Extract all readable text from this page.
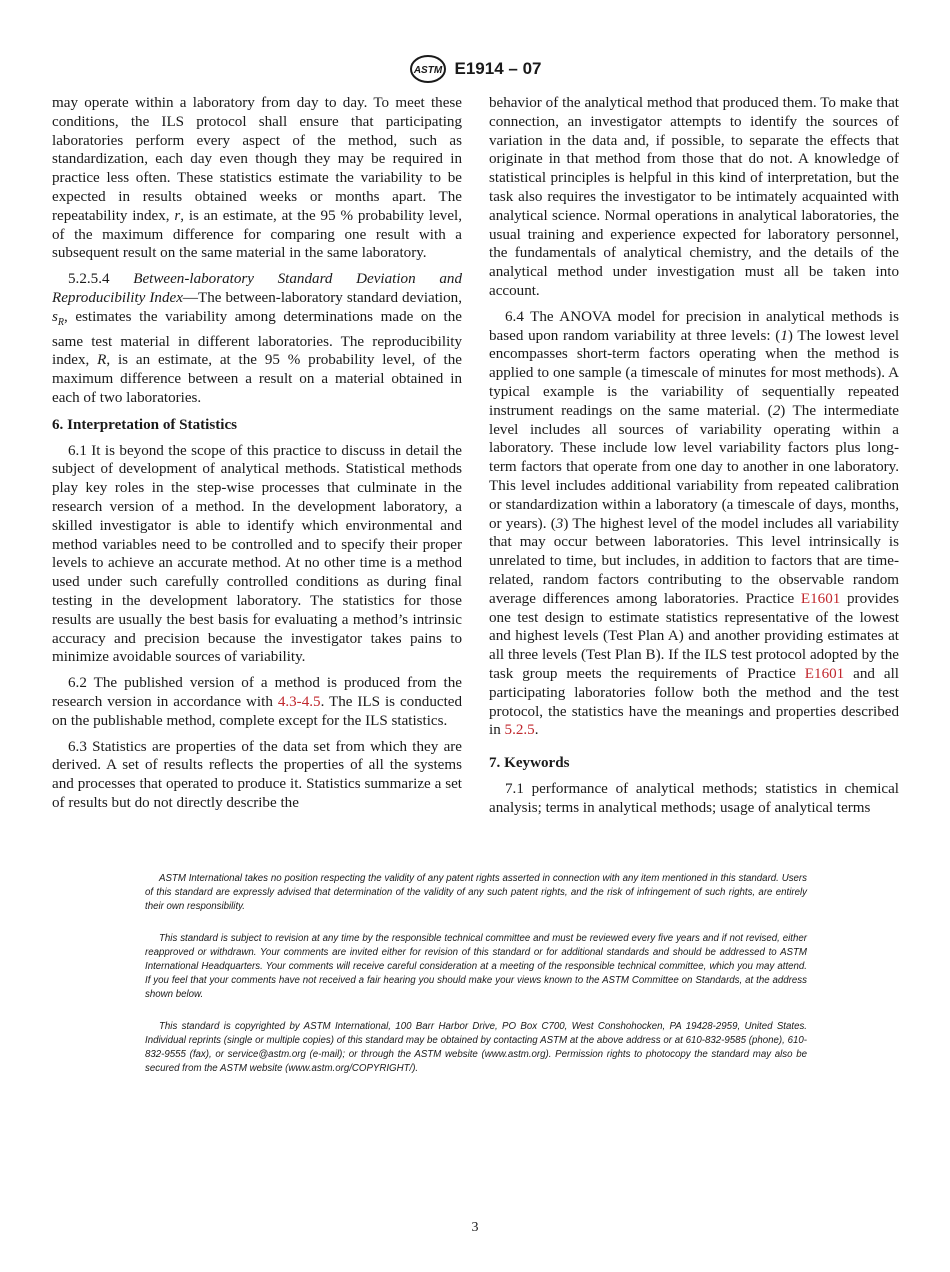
ASTM E1914 – 07

may operate within a laboratory from day to day. To meet these conditions, the ILS protocol shall ensure that participating laboratories perform every aspect of the method, such as standardization, each day even though they may be required in practice less often. These statistics estimate the variability to be expected in results obtained weeks or months apart. The repeatability index, r, is an estimate, at the 95 % probability level, of the maximum difference for comparing one result with a subsequent result on the same material in the same laboratory.

5.2.5.4 Between-laboratory Standard Deviation and Reproducibility Index—The between-laboratory standard deviation, $s_R$, estimates the variability among determinations made on the same test material in different laboratories. The reproducibility index, R, is an estimate, at the 95 % probability level, of the maximum difference between a result on a material obtained in each of two laboratories.

6. Interpretation of Statistics

6.1 It is beyond the scope of this practice to discuss in detail the subject of development of analytical methods. Statistical methods play key roles in the step-wise processes that culminate in the research version of a method. In the development laboratory, a skilled investigator is able to identify which environmental and method variables need to be controlled and to specify their proper levels to achieve an accurate method. At no other time is a method used under such carefully controlled conditions as during final testing in the development laboratory. The statistics for those results are usually the best basis for evaluating a method’s intrinsic accuracy and precision because the investigator takes pains to minimize avoidable sources of variability.

6.2 The published version of a method is produced from the research version in accordance with 4.3-4.5. The ILS is conducted on the publishable method, complete except for the ILS statistics.

6.3 Statistics are properties of the data set from which they are derived. A set of results reflects the properties of all the systems and processes that operated to produce it. Statistics summarize a set of results but do not directly describe the

behavior of the analytical method that produced them. To make that connection, an investigator attempts to identify the sources of variation in the data and, if possible, to separate the effects that originate in that method from those that do not. A knowledge of statistical principles is helpful in this kind of interpretation, but the task also requires the investigator to be intimately acquainted with analytical science. Normal operations in analytical laboratories, the usual training and experience expected for laboratory personnel, the fundamentals of analytical chemistry, and the details of the analytical method under investigation must all be taken into account.

6.4 The ANOVA model for precision in analytical methods is based upon random variability at three levels: (1) The lowest level encompasses short-term factors operating when the method is applied to one sample (a timescale of minutes for most methods). A typical example is the variability of sequentially repeated instrument readings on the same material. (2) The intermediate level includes all sources of variability operating within a laboratory. These include low level variability factors plus long-term factors that operate from one day to another in one laboratory. This level includes additional variability from repeated calibration or standardization within a laboratory (a timescale of days, months, or years). (3) The highest level of the model includes all variability that may occur between laboratories. This level intrinsically is unrelated to time, but includes, in addition to factors that are time-related, random factors contributing to the observable random average differences among laboratories. Practice E1601 provides one test design to estimate statistics representative of the lowest and highest levels (Test Plan A) and another providing estimates at all three levels (Test Plan B). If the ILS test protocol adopted by the task group meets the requirements of Practice E1601 and all participating laboratories follow both the method and the test protocol, the statistics have the meanings and properties described in 5.2.5.

7. Keywords

7.1 performance of analytical methods; statistics in chemical analysis; terms in analytical methods; usage of analytical terms

ASTM International takes no position respecting the validity of any patent rights asserted in connection with any item mentioned in this standard. Users of this standard are expressly advised that determination of the validity of any such patent rights, and the risk of infringement of such rights, are entirely their own responsibility.

This standard is subject to revision at any time by the responsible technical committee and must be reviewed every five years and if not revised, either reapproved or withdrawn. Your comments are invited either for revision of this standard or for additional standards and should be addressed to ASTM International Headquarters. Your comments will receive careful consideration at a meeting of the responsible technical committee, which you may attend. If you feel that your comments have not received a fair hearing you should make your views known to the ASTM Committee on Standards, at the address shown below.

This standard is copyrighted by ASTM International, 100 Barr Harbor Drive, PO Box C700, West Conshohocken, PA 19428-2959, United States. Individual reprints (single or multiple copies) of this standard may be obtained by contacting ASTM at the above address or at 610-832-9585 (phone), 610-832-9555 (fax), or service@astm.org (e-mail); or through the ASTM website (www.astm.org). Permission rights to photocopy the standard may also be secured from the ASTM website (www.astm.org/COPYRIGHT/).

3
